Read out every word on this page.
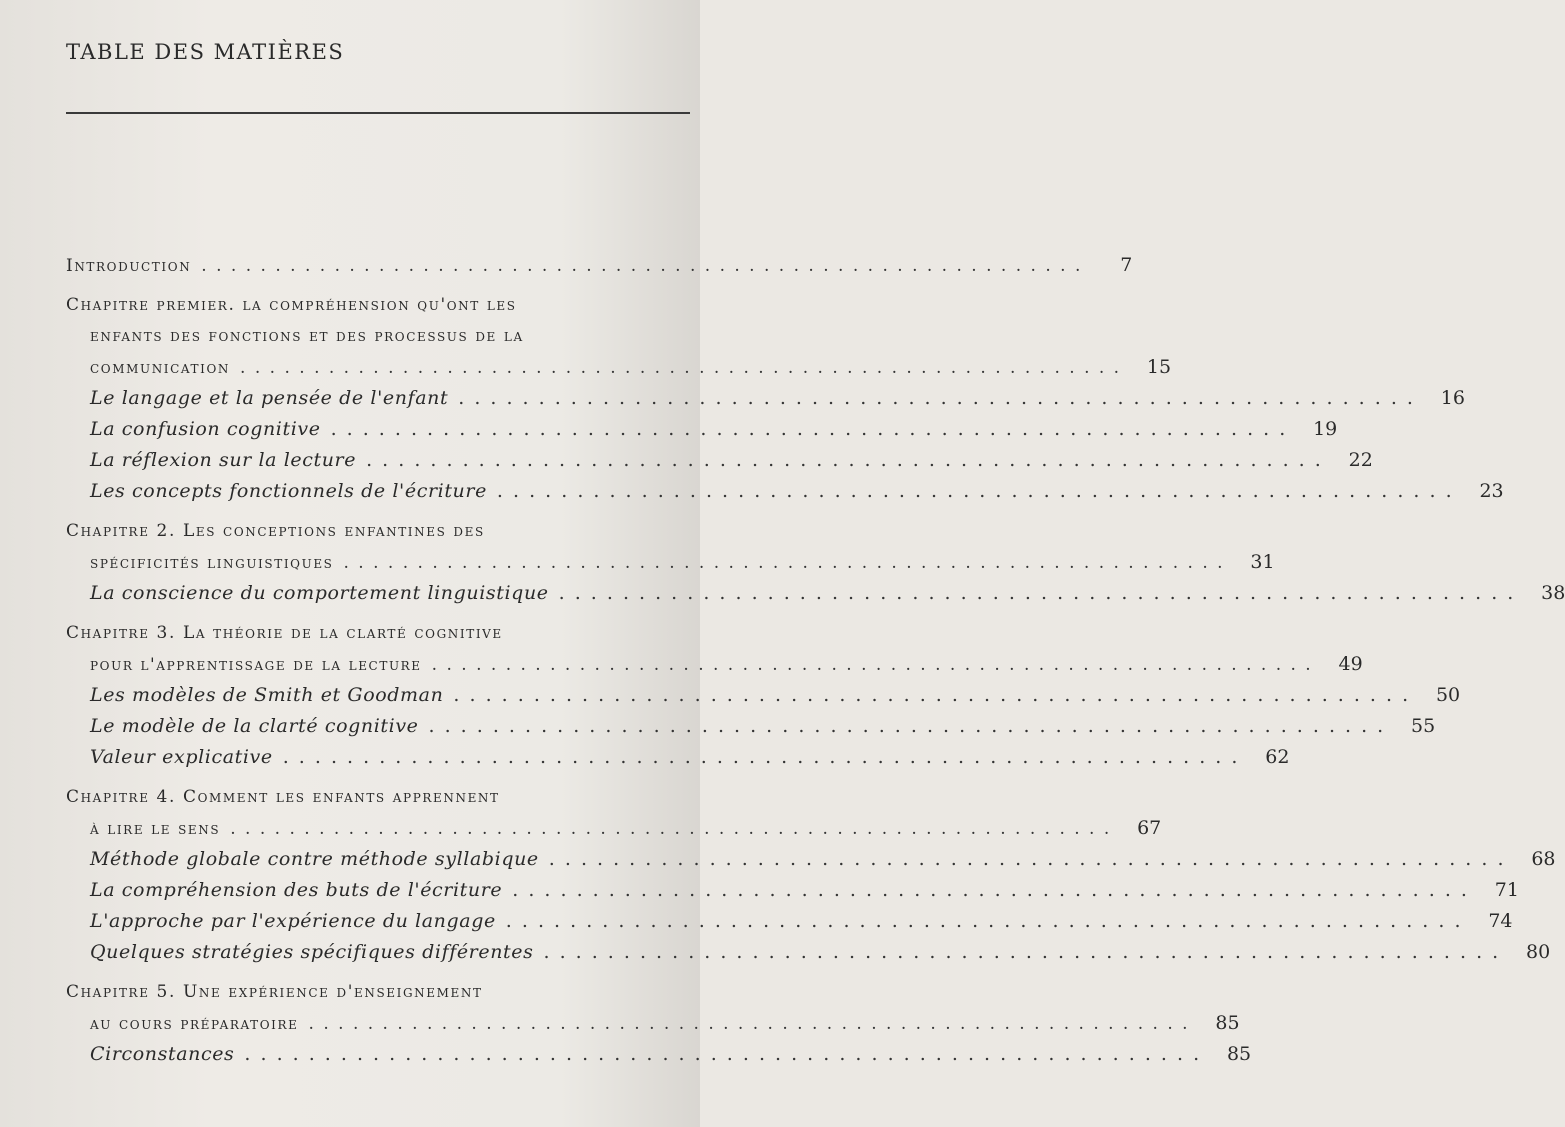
TABLE DES MATIÈRES
Introduction . . .	7
Chapitre premier. la compréhension qu'ont les
enfants des fonctions et des processus de la
communication . . .	15
Le langage et la pensée de l'enfant . . .	16
La confusion cognitive . . .	19
La réflexion sur la lecture . . .	22
Les concepts fonctionnels de l'écriture . . .	23
Chapitre 2. Les conceptions enfantines des
spécificités linguistiques . . .	31
La conscience du comportement linguistique . . .	38
Chapitre 3. La théorie de la clarté cognitive
pour l'apprentissage de la lecture . . .	49
Les modèles de Smith et Goodman . . .	50
Le modèle de la clarté cognitive . . .	55
Valeur explicative . . .	62
Chapitre 4. Comment les enfants apprennent
à lire le sens . . .	67
Méthode globale contre méthode syllabique . . .	68
La compréhension des buts de l'écriture . . .	71
L'approche par l'expérience du langage . . .	74
Quelques stratégies spécifiques différentes . . .	80
Chapitre 5. Une expérience d'enseignement
au cours préparatoire . . .	85
Circonstances . . .	85
